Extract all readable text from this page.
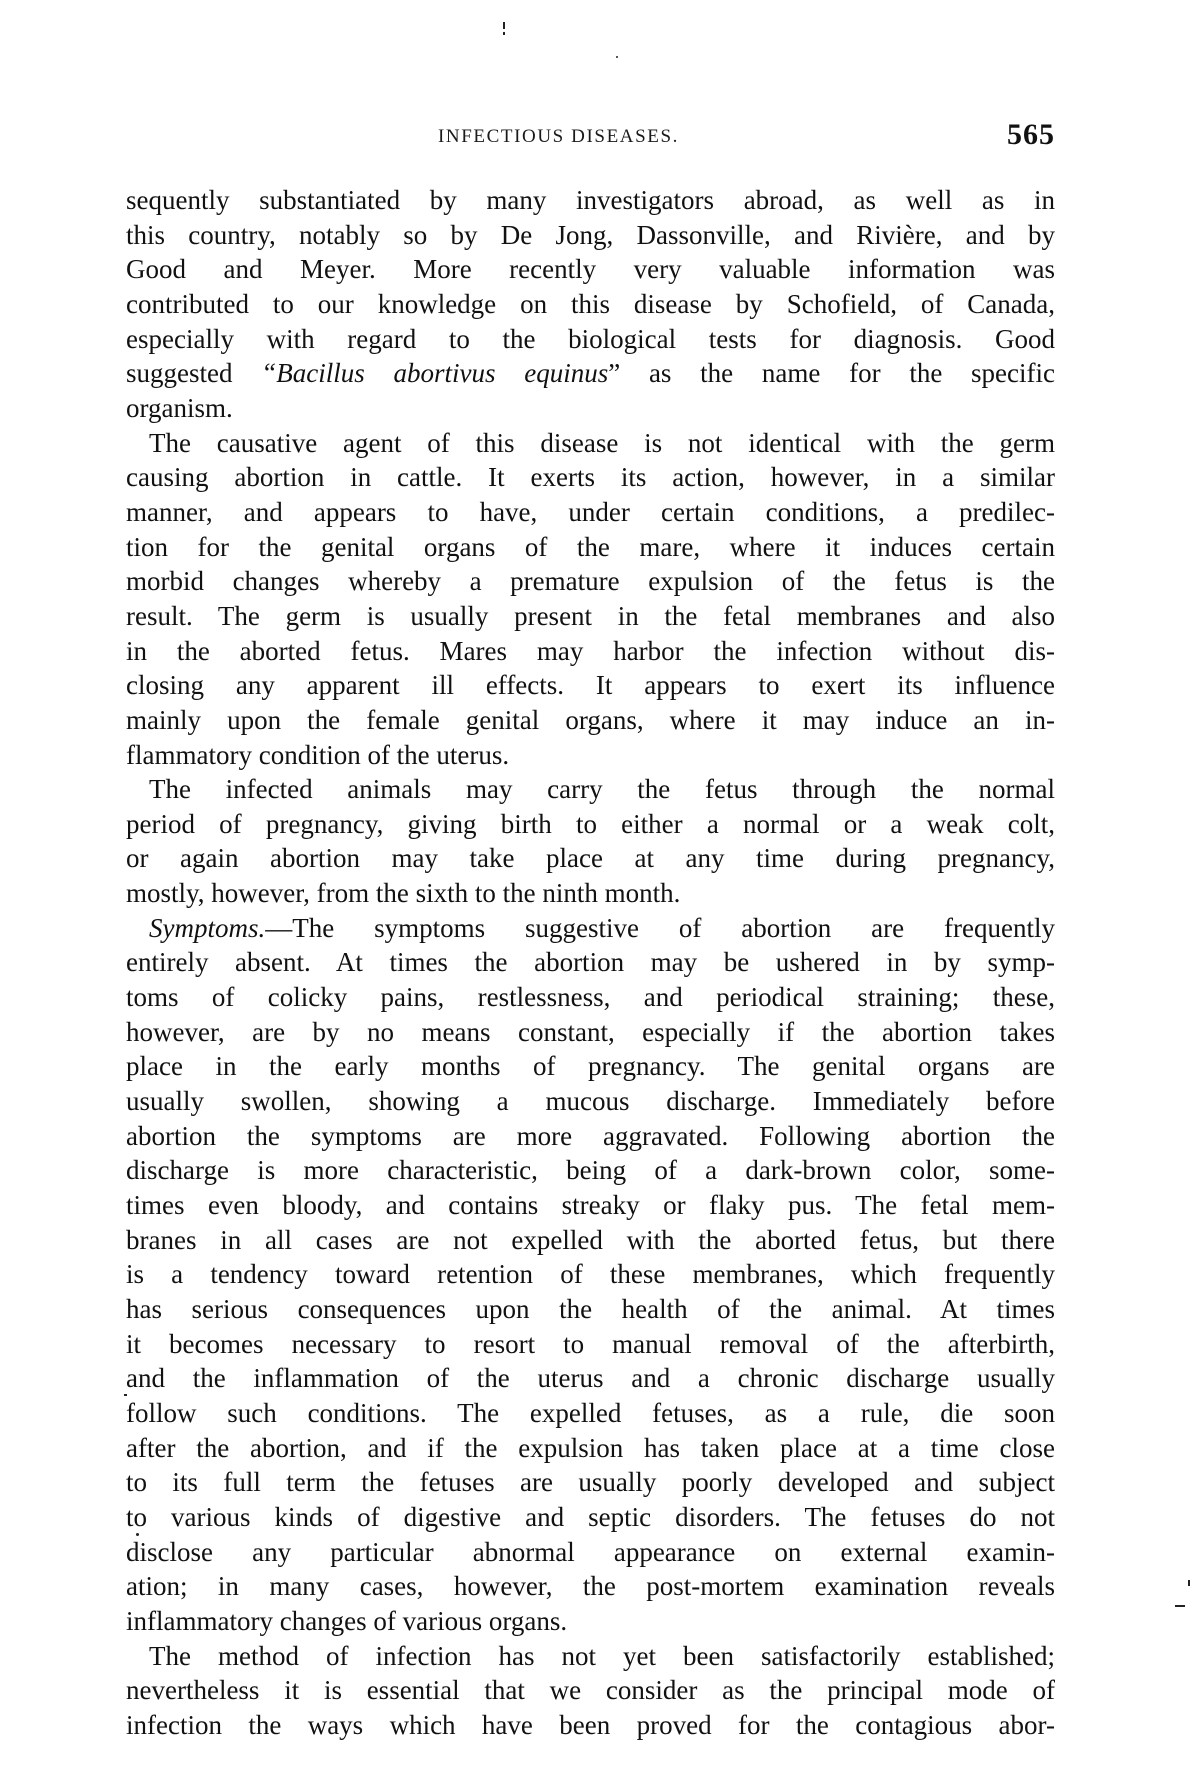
INFECTIOUS DISEASES.	565
sequently substantiated by many investigators abroad, as well as in
this country, notably so by De Jong, Dassonville, and Rivière, and by
Good and Meyer. More recently very valuable information was
contributed to our knowledge on this disease by Schofield, of Canada,
especially with regard to the biological tests for diagnosis. Good
suggested “Bacillus abortivus equinus” as the name for the specific
organism.
The causative agent of this disease is not identical with the germ
causing abortion in cattle. It exerts its action, however, in a similar
manner, and appears to have, under certain conditions, a predilec-
tion for the genital organs of the mare, where it induces certain
morbid changes whereby a premature expulsion of the fetus is the
result. The germ is usually present in the fetal membranes and also
in the aborted fetus. Mares may harbor the infection without dis-
closing any apparent ill effects. It appears to exert its influence
mainly upon the female genital organs, where it may induce an in-
flammatory condition of the uterus.
The infected animals may carry the fetus through the normal
period of pregnancy, giving birth to either a normal or a weak colt,
or again abortion may take place at any time during pregnancy,
mostly, however, from the sixth to the ninth month.
Symptoms.—The symptoms suggestive of abortion are frequently
entirely absent. At times the abortion may be ushered in by symp-
toms of colicky pains, restlessness, and periodical straining; these,
however, are by no means constant, especially if the abortion takes
place in the early months of pregnancy. The genital organs are
usually swollen, showing a mucous discharge. Immediately before
abortion the symptoms are more aggravated. Following abortion the
discharge is more characteristic, being of a dark-brown color, some-
times even bloody, and contains streaky or flaky pus. The fetal mem-
branes in all cases are not expelled with the aborted fetus, but there
is a tendency toward retention of these membranes, which frequently
has serious consequences upon the health of the animal. At times
it becomes necessary to resort to manual removal of the afterbirth,
and the inflammation of the uterus and a chronic discharge usually
follow such conditions. The expelled fetuses, as a rule, die soon
after the abortion, and if the expulsion has taken place at a time close
to its full term the fetuses are usually poorly developed and subject
to various kinds of digestive and septic disorders. The fetuses do not
disclose any particular abnormal appearance on external examin-
ation; in many cases, however, the post-mortem examination reveals
inflammatory changes of various organs.
The method of infection has not yet been satisfactorily established;
nevertheless it is essential that we consider as the principal mode of
infection the ways which have been proved for the contagious abor-
